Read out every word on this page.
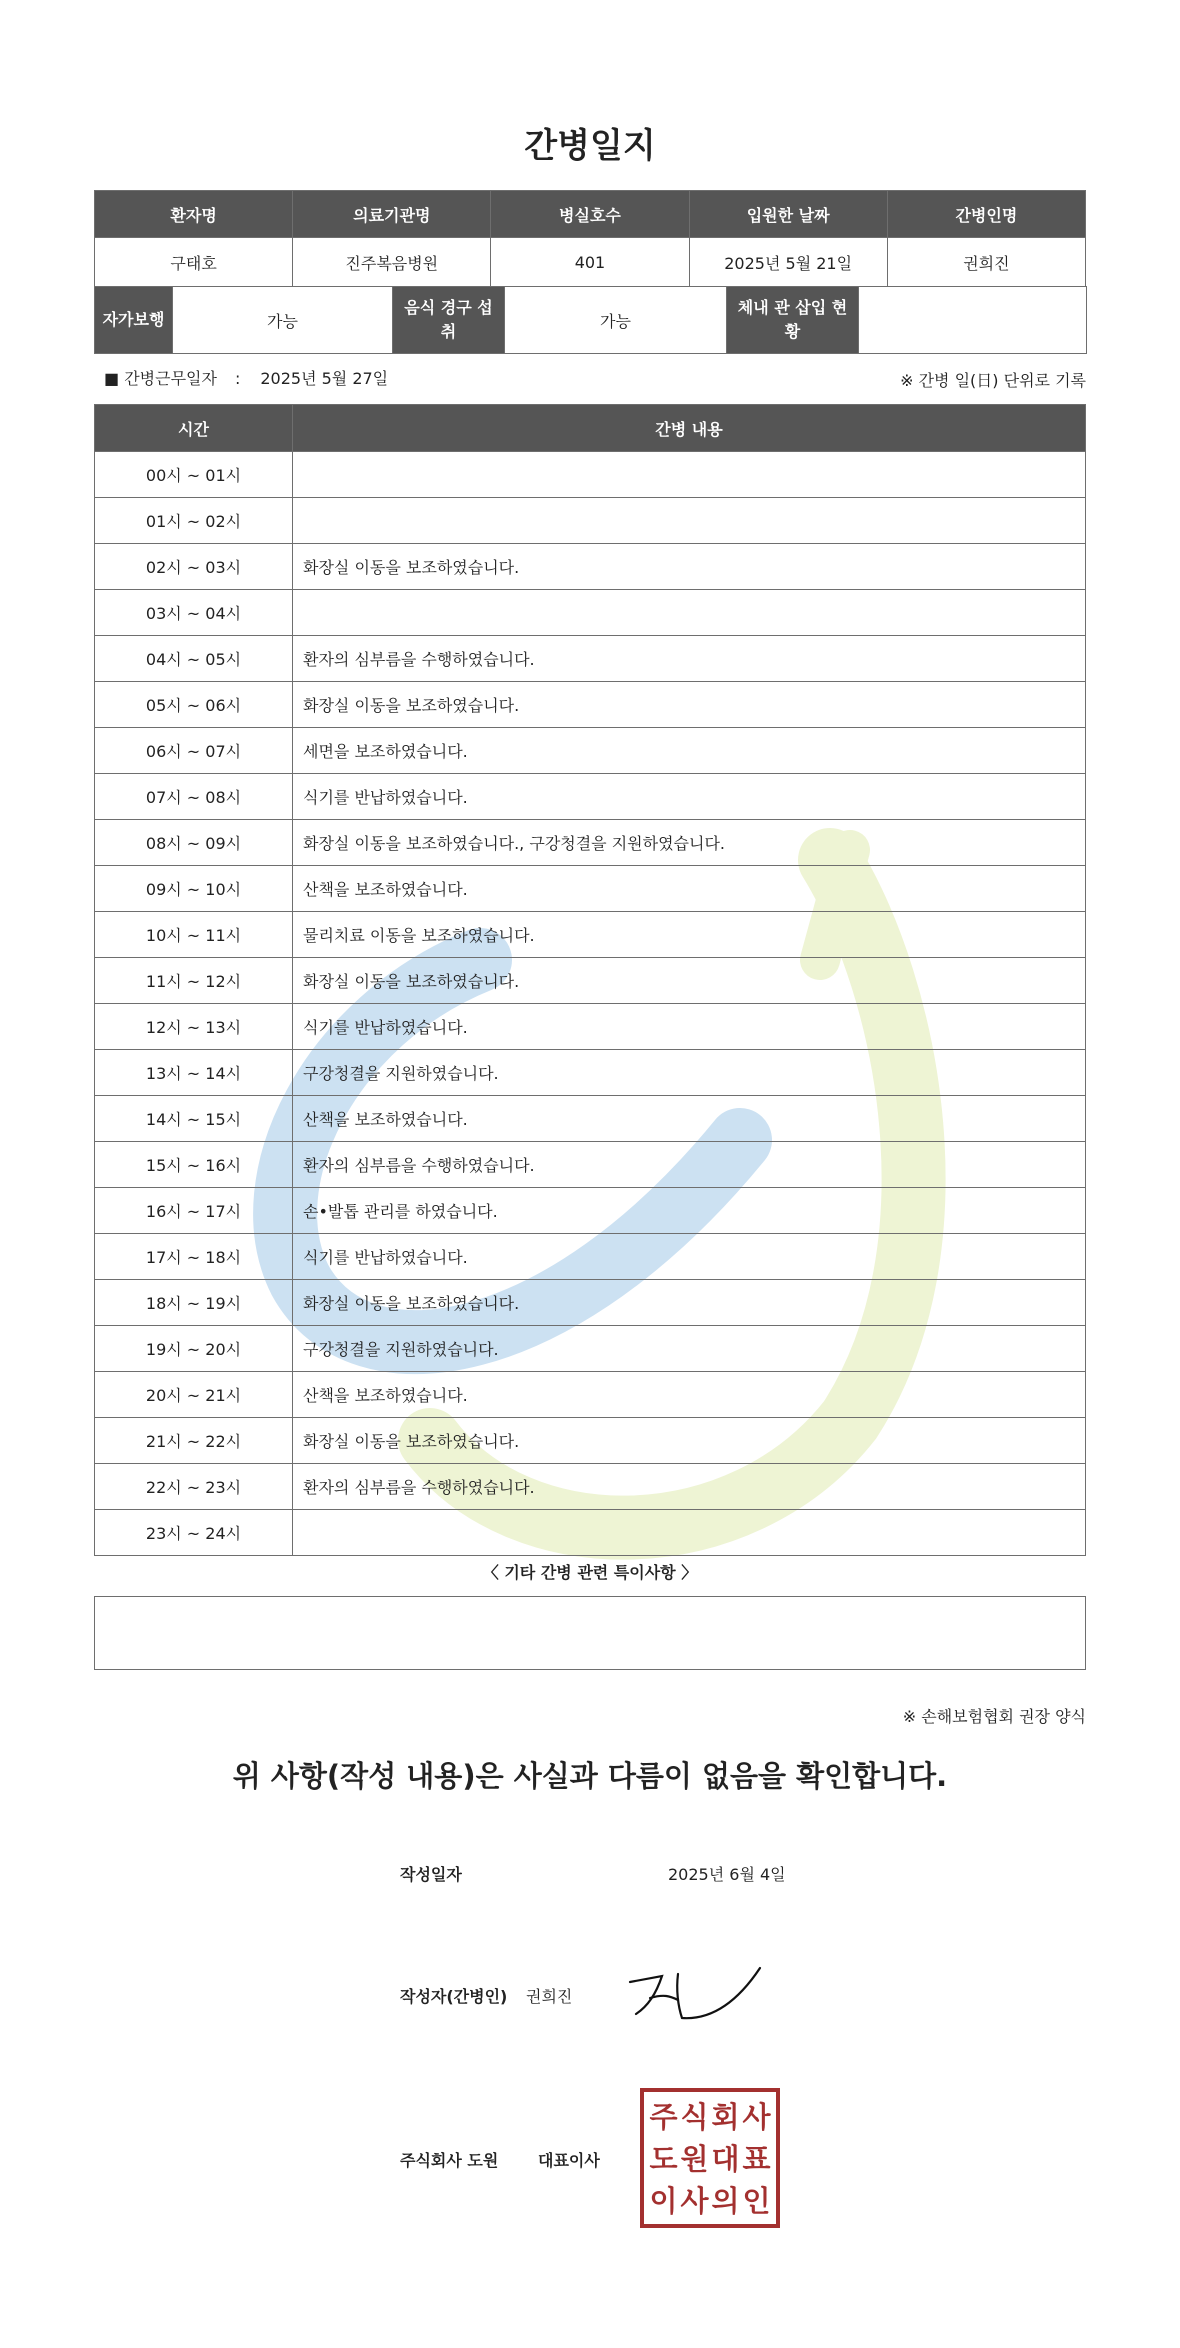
간병일지
환자명	의료기관명	병실호수	입원한 날짜	간병인명
구태호	진주복음병원	401	2025년 5월 21일	권희진
자가보행	가능	음식 경구 섭취	가능	체내 관 삽입 현황	
■ 간병근무일자 : 2025년 5월 27일	※ 간병 일(日) 단위로 기록
시간	간병 내용
00시 ~ 01시	
01시 ~ 02시	
02시 ~ 03시	화장실 이동을 보조하였습니다.
03시 ~ 04시	
04시 ~ 05시	환자의 심부름을 수행하였습니다.
05시 ~ 06시	화장실 이동을 보조하였습니다.
06시 ~ 07시	세면을 보조하였습니다.
07시 ~ 08시	식기를 반납하였습니다.
08시 ~ 09시	화장실 이동을 보조하였습니다., 구강청결을 지원하였습니다.
09시 ~ 10시	산책을 보조하였습니다.
10시 ~ 11시	물리치료 이동을 보조하였습니다.
11시 ~ 12시	화장실 이동을 보조하였습니다.
12시 ~ 13시	식기를 반납하였습니다.
13시 ~ 14시	구강청결을 지원하였습니다.
14시 ~ 15시	산책을 보조하였습니다.
15시 ~ 16시	환자의 심부름을 수행하였습니다.
16시 ~ 17시	손•발톱 관리를 하였습니다.
17시 ~ 18시	식기를 반납하였습니다.
18시 ~ 19시	화장실 이동을 보조하였습니다.
19시 ~ 20시	구강청결을 지원하였습니다.
20시 ~ 21시	산책을 보조하였습니다.
21시 ~ 22시	화장실 이동을 보조하였습니다.
22시 ~ 23시	환자의 심부름을 수행하였습니다.
23시 ~ 24시	
〈 기타 간병 관련 특이사항 〉
※ 손해보험협회 권장 양식
위 사항(작성 내용)은 사실과 다름이 없음을 확인합니다.
작성일자	2025년 6월 4일
작성자(간병인) 권희진
주식회사 도원 대표이사
주 식 회 사
도 원 대 표
이 사 의 인
